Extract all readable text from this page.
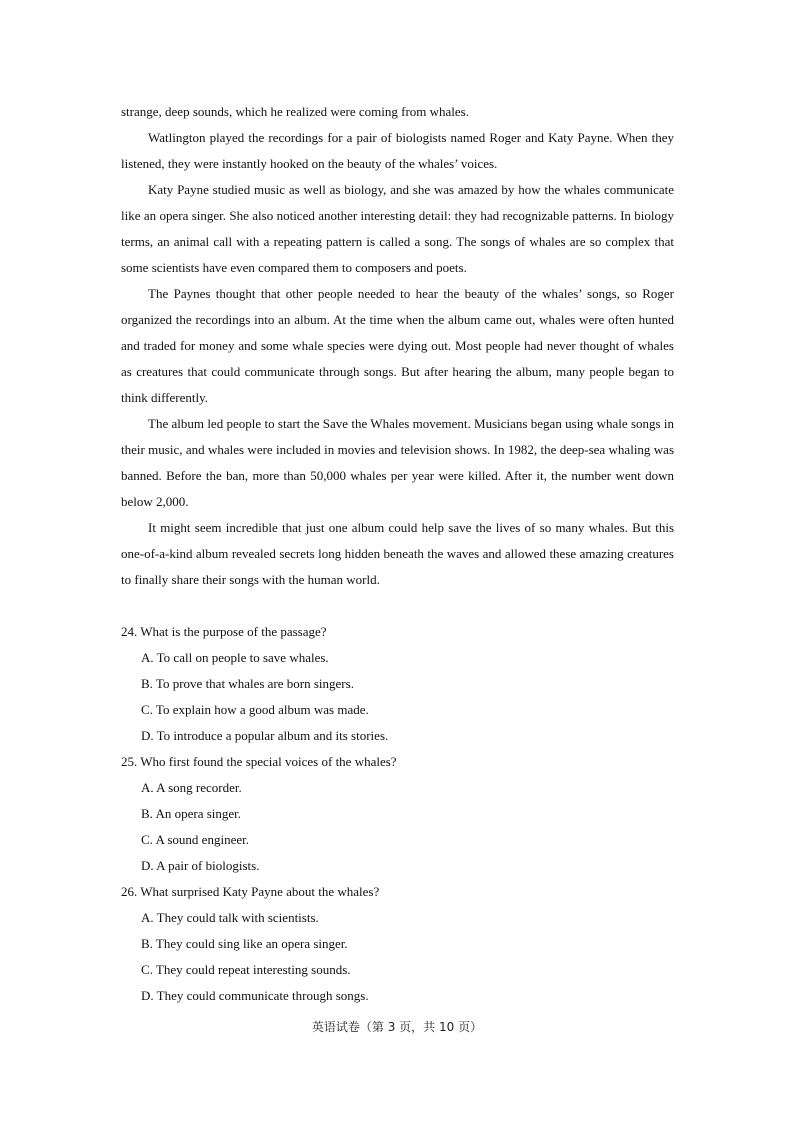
strange, deep sounds, which he realized were coming from whales.

Watlington played the recordings for a pair of biologists named Roger and Katy Payne. When they listened, they were instantly hooked on the beauty of the whales’ voices.

Katy Payne studied music as well as biology, and she was amazed by how the whales communicate like an opera singer. She also noticed another interesting detail: they had recognizable patterns. In biology terms, an animal call with a repeating pattern is called a song. The songs of whales are so complex that some scientists have even compared them to composers and poets.

The Paynes thought that other people needed to hear the beauty of the whales’ songs, so Roger organized the recordings into an album. At the time when the album came out, whales were often hunted and traded for money and some whale species were dying out. Most people had never thought of whales as creatures that could communicate through songs. But after hearing the album, many people began to think differently.

The album led people to start the Save the Whales movement. Musicians began using whale songs in their music, and whales were included in movies and television shows. In 1982, the deep-sea whaling was banned. Before the ban, more than 50,000 whales per year were killed. After it, the number went down below 2,000.

It might seem incredible that just one album could help save the lives of so many whales. But this one-of-a-kind album revealed secrets long hidden beneath the waves and allowed these amazing creatures to finally share their songs with the human world.

24. What is the purpose of the passage?

A. To call on people to save whales.

B. To prove that whales are born singers.

C. To explain how a good album was made.

D. To introduce a popular album and its stories.

25. Who first found the special voices of the whales?

A. A song recorder.

B. An opera singer.

C. A sound engineer.

D. A pair of biologists.

26. What surprised Katy Payne about the whales?

A. They could talk with scientists.

B. They could sing like an opera singer.

C. They could repeat interesting sounds.

D. They could communicate through songs.

英语试卷（第 3 页，共 10 页）
